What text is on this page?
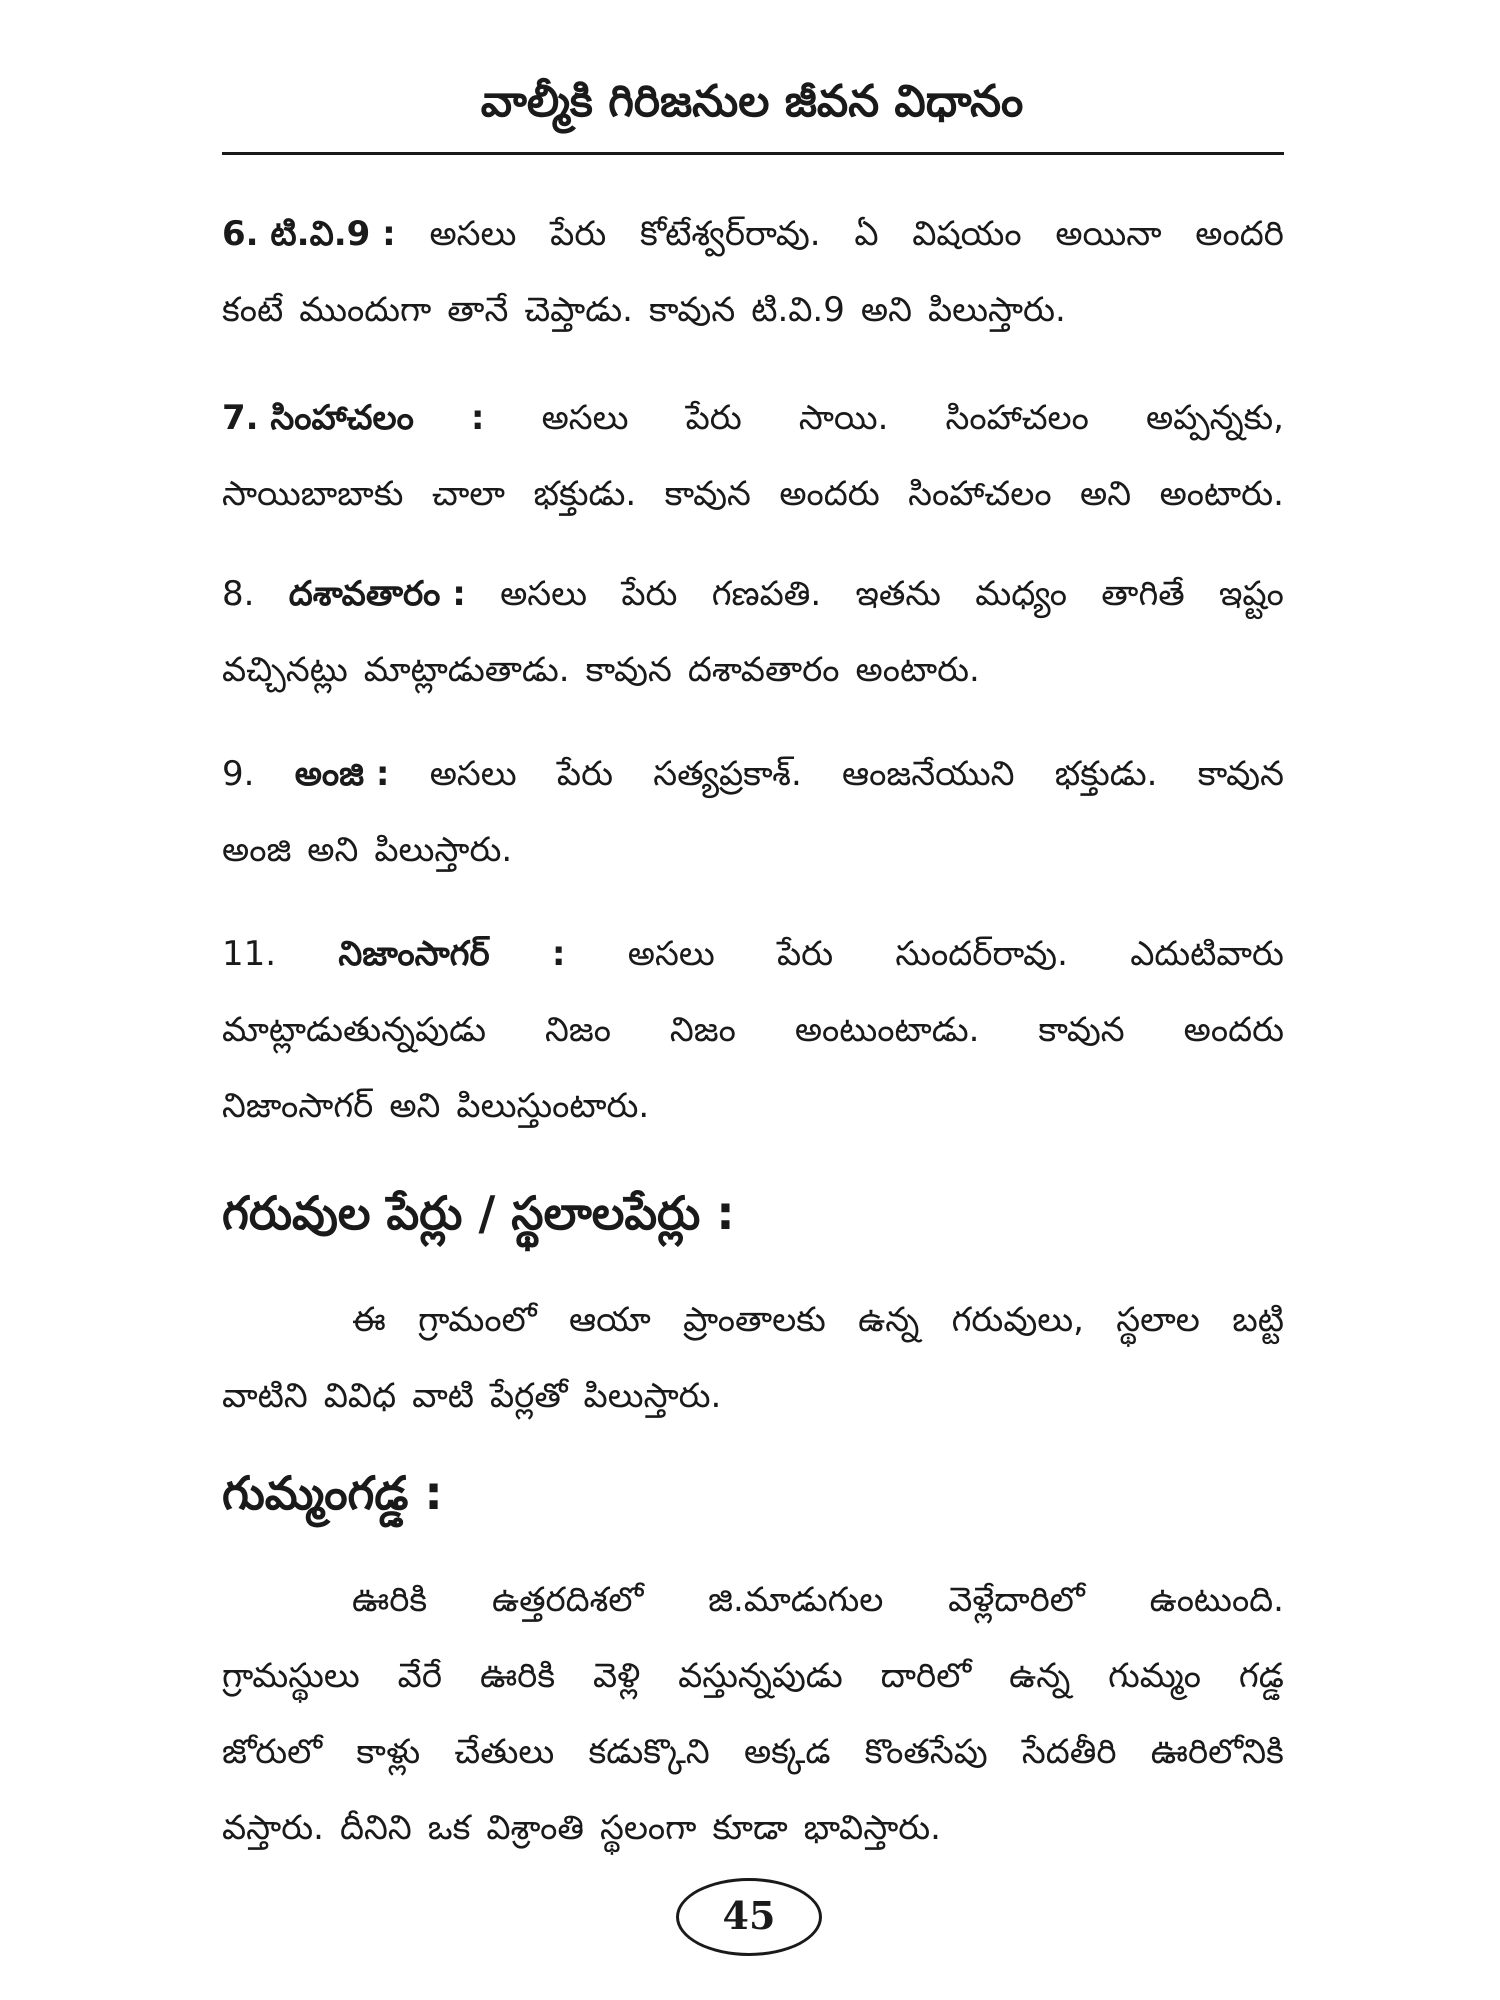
వాల్మీకి గిరిజనుల జీవన విధానం
6. టి.వి.9 : అసలు పేరు కోటేశ్వర్‌రావు. ఏ విషయం అయినా అందరి
కంటే ముందుగా తానే చెప్తాడు. కావున టి.వి.9 అని పిలుస్తారు.
7. సింహాచలం : అసలు పేరు సాయి. సింహాచలం అప్పన్నకు,
సాయిబాబాకు చాలా భక్తుడు. కావున అందరు సింహాచలం అని అంటారు.
8. దశావతారం : అసలు పేరు గణపతి. ఇతను మధ్యం తాగితే ఇష్టం
వచ్చినట్లు మాట్లాడుతాడు. కావున దశావతారం అంటారు.
9. అంజి : అసలు పేరు సత్యప్రకాశ్. ఆంజనేయుని భక్తుడు. కావున
అంజి అని పిలుస్తారు.
11. నిజాంసాగర్ : అసలు పేరు సుందర్‌రావు. ఎదుటివారు
మాట్లాడుతున్నపుడు నిజం నిజం అంటుంటాడు. కావున అందరు
నిజాంసాగర్ అని పిలుస్తుంటారు.
గరువుల పేర్లు / స్థలాలపేర్లు :
ఈ గ్రామంలో ఆయా ప్రాంతాలకు ఉన్న గరువులు, స్థలాల బట్టి
వాటిని వివిధ వాటి పేర్లతో పిలుస్తారు.
గుమ్మంగడ్డ :
ఊరికి ఉత్తరదిశలో జి.మాడుగుల వెళ్లేదారిలో ఉంటుంది.
గ్రామస్థులు వేరే ఊరికి వెళ్లి వస్తున్నపుడు దారిలో ఉన్న గుమ్మం గడ్డ
జోరులో కాళ్లు చేతులు కడుక్కొని అక్కడ కొంతసేపు సేదతీరి ఊరిలోనికి
వస్తారు. దీనిని ఒక విశ్రాంతి స్థలంగా కూడా భావిస్తారు.
45
